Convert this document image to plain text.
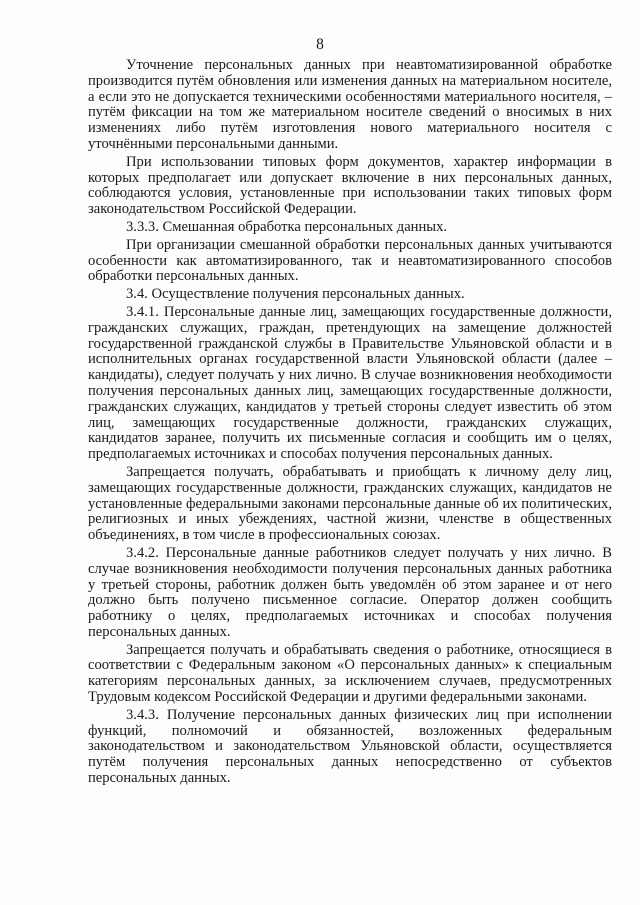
8

Уточнение персональных данных при неавтоматизированной обработке производится путём обновления или изменения данных на материальном носителе, а если это не допускается техническими особенностями материального носителя, – путём фиксации на том же материальном носителе сведений о вносимых в них изменениях либо путём изготовления нового материального носителя с уточнёнными персональными данными.

При использовании типовых форм документов, характер информации в которых предполагает или допускает включение в них персональных данных, соблюдаются условия, установленные при использовании таких типовых форм законодательством Российской Федерации.

3.3.3. Смешанная обработка персональных данных.

При организации смешанной обработки персональных данных учитываются особенности как автоматизированного, так и неавтоматизированного способов обработки персональных данных.

3.4. Осуществление получения персональных данных.

3.4.1. Персональные данные лиц, замещающих государственные должности, гражданских служащих, граждан, претендующих на замещение должностей государственной гражданской службы в Правительстве Ульяновской области и в исполнительных органах государственной власти Ульяновской области (далее – кандидаты), следует получать у них лично. В случае возникновения необходимости получения персональных данных лиц, замещающих государственные должности, гражданских служащих, кандидатов у третьей стороны следует известить об этом лиц, замещающих государственные должности, гражданских служащих, кандидатов заранее, получить их письменные согласия и сообщить им о целях, предполагаемых источниках и способах получения персональных данных.

Запрещается получать, обрабатывать и приобщать к личному делу лиц, замещающих государственные должности, гражданских служащих, кандидатов не установленные федеральными законами персональные данные об их политических, религиозных и иных убеждениях, частной жизни, членстве в общественных объединениях, в том числе в профессиональных союзах.

3.4.2. Персональные данные работников следует получать у них лично. В случае возникновения необходимости получения персональных данных работника у третьей стороны, работник должен быть уведомлён об этом заранее и от него должно быть получено письменное согласие. Оператор должен сообщить работнику о целях, предполагаемых источниках и способах получения персональных данных.

Запрещается получать и обрабатывать сведения о работнике, относящиеся в соответствии с Федеральным законом «О персональных данных» к специальным категориям персональных данных, за исключением случаев, предусмотренных Трудовым кодексом Российской Федерации и другими федеральными законами.

3.4.3. Получение персональных данных физических лиц при исполнении функций, полномочий и обязанностей, возложенных федеральным законодательством и законодательством Ульяновской области, осуществляется путём получения персональных данных непосредственно от субъектов персональных данных.
